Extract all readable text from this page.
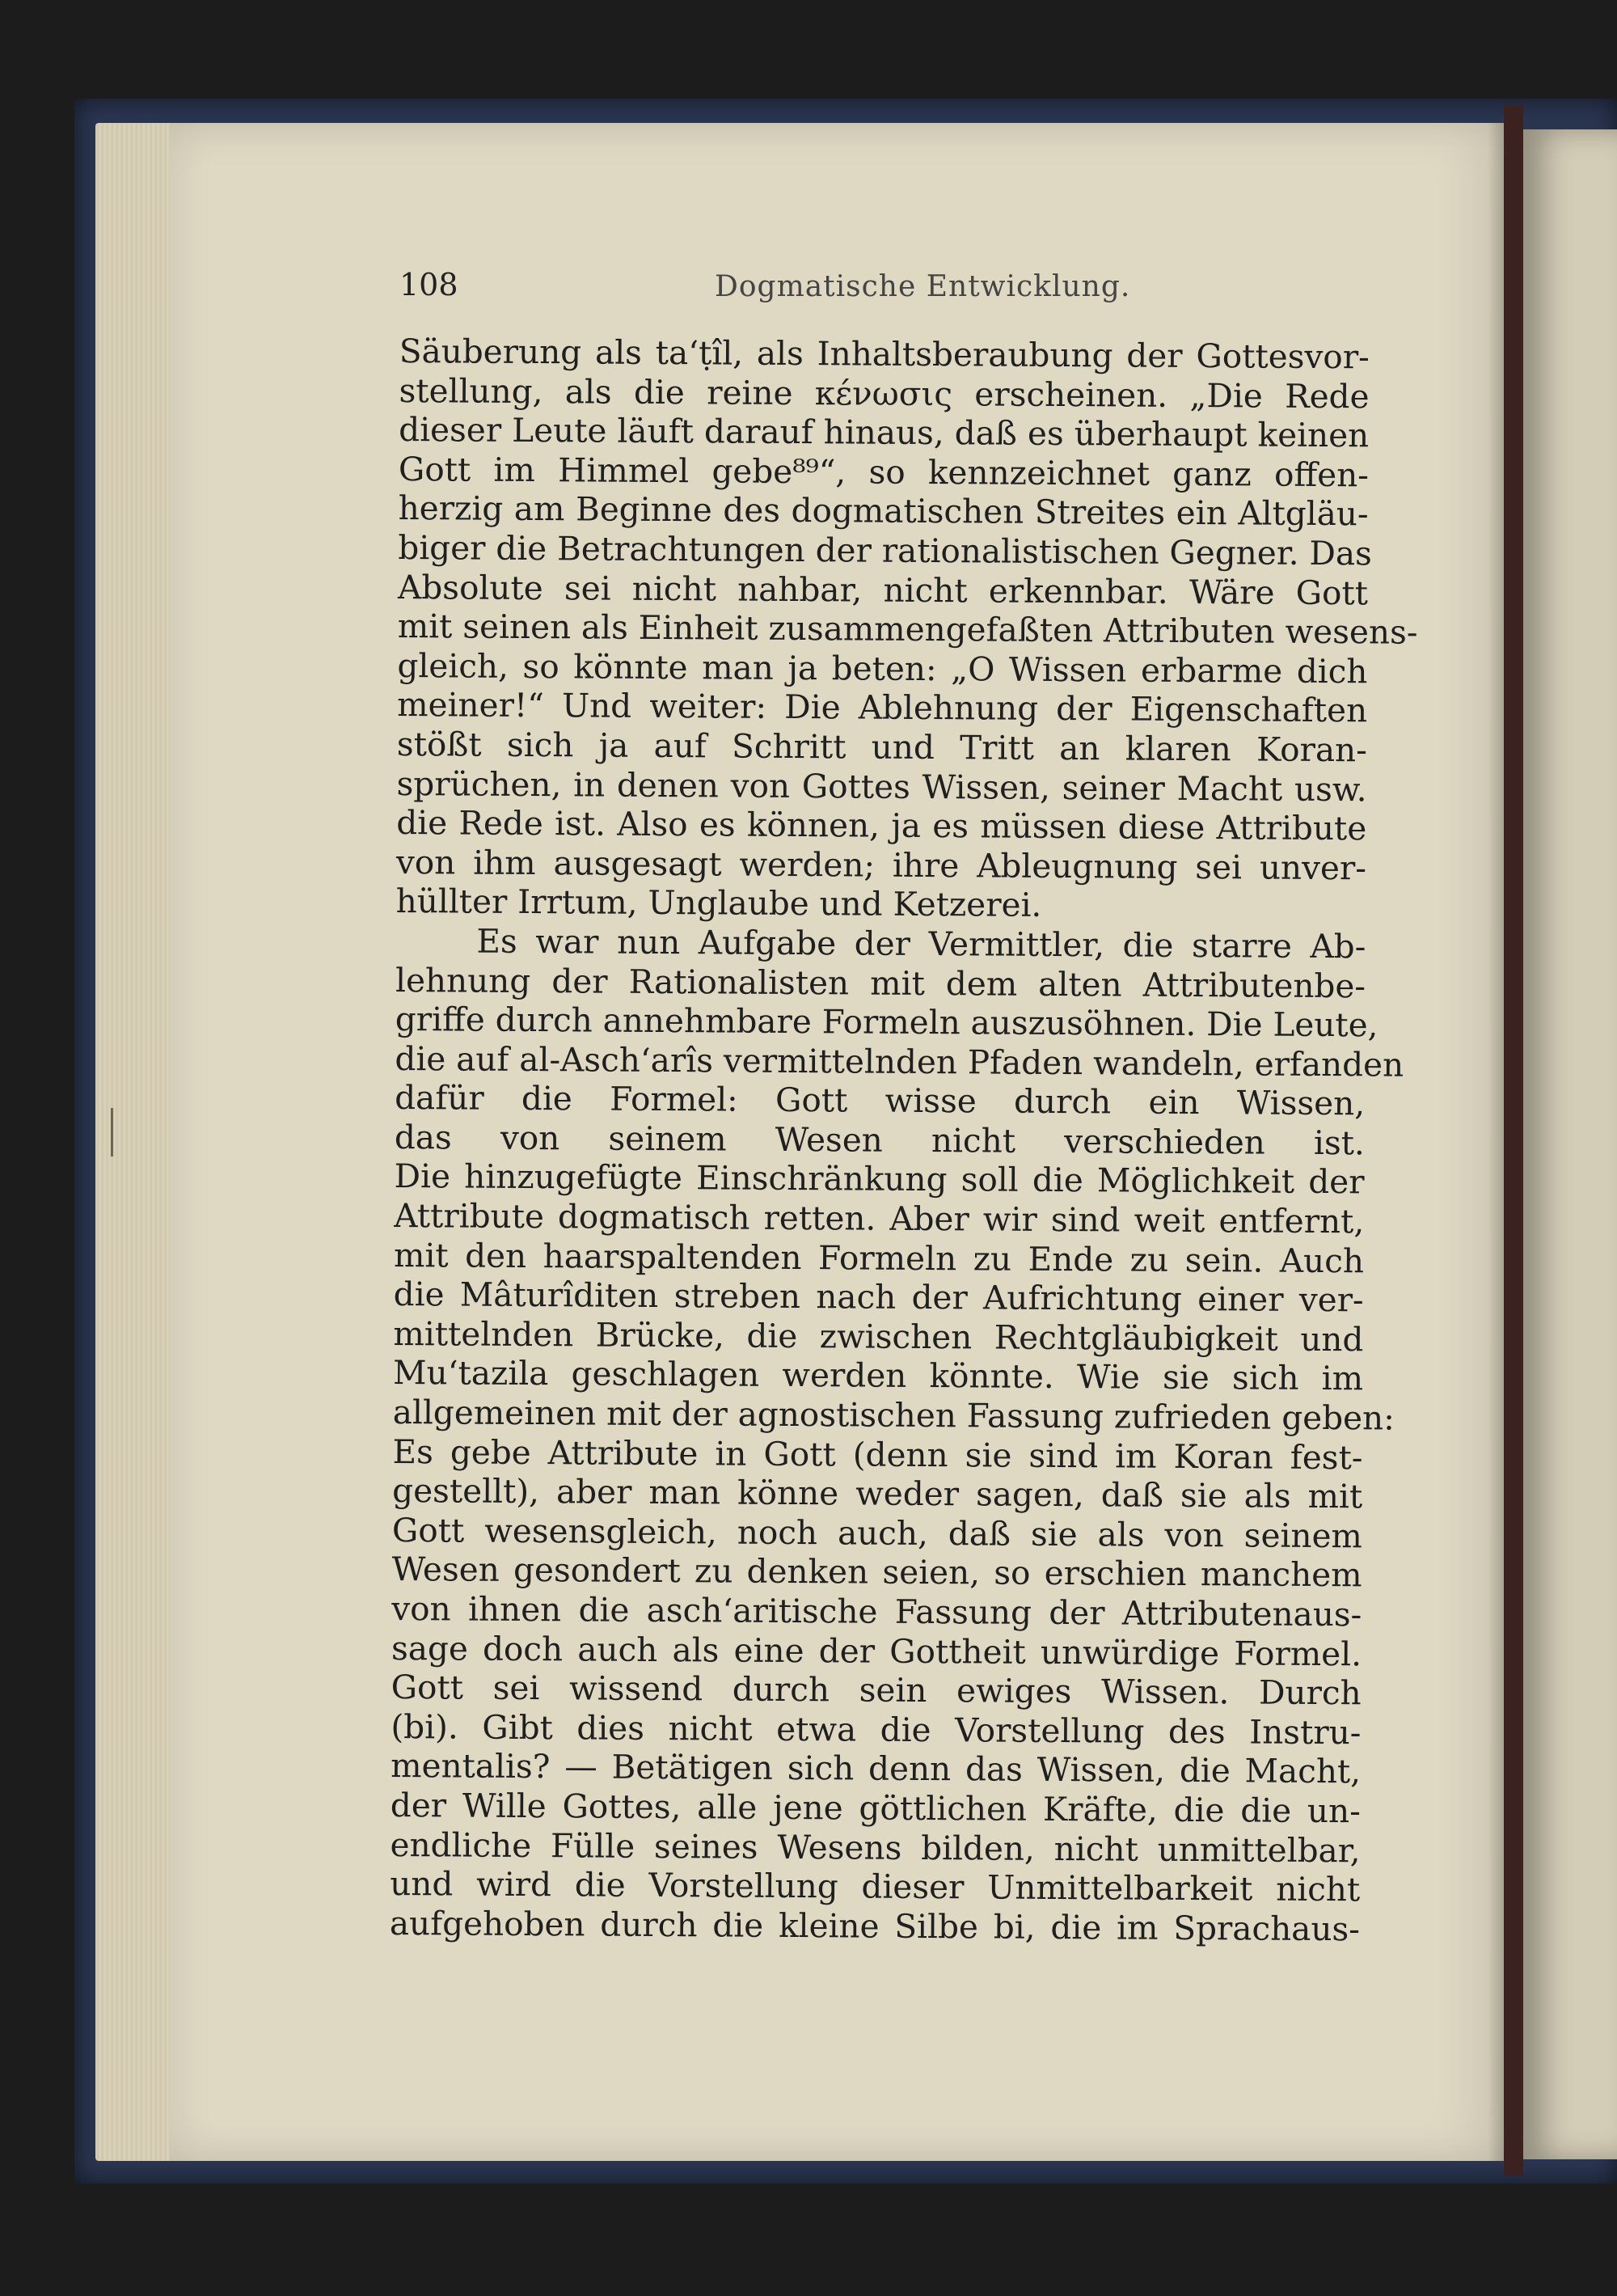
108	Dogmatische Entwicklung.
Säuberung als ta‘ṭîl, als Inhaltsberaubung der Gottesvor-
stellung, als die reine κένωσις erscheinen. „Die Rede
dieser Leute läuft darauf hinaus, daß es überhaupt keinen
Gott im Himmel gebe⁸⁹“, so kennzeichnet ganz offen-
herzig am Beginne des dogmatischen Streites ein Altgläu-
biger die Betrachtungen der rationalistischen Gegner. Das
Absolute sei nicht nahbar, nicht erkennbar. Wäre Gott
mit seinen als Einheit zusammengefaßten Attributen wesens-
gleich, so könnte man ja beten: „O Wissen erbarme dich
meiner!“ Und weiter: Die Ablehnung der Eigenschaften
stößt sich ja auf Schritt und Tritt an klaren Koran-
sprüchen, in denen von Gottes Wissen, seiner Macht usw.
die Rede ist. Also es können, ja es müssen diese Attribute
von ihm ausgesagt werden; ihre Ableugnung sei unver-
hüllter Irrtum, Unglaube und Ketzerei.
Es war nun Aufgabe der Vermittler, die starre Ab-
lehnung der Rationalisten mit dem alten Attributenbe-
griffe durch annehmbare Formeln auszusöhnen. Die Leute,
die auf al-Asch‘arîs vermittelnden Pfaden wandeln, erfanden
dafür die Formel: Gott wisse durch ein Wissen,
das von seinem Wesen nicht verschieden ist.
Die hinzugefügte Einschränkung soll die Möglichkeit der
Attribute dogmatisch retten. Aber wir sind weit entfernt,
mit den haarspaltenden Formeln zu Ende zu sein. Auch
die Mâturîditen streben nach der Aufrichtung einer ver-
mittelnden Brücke, die zwischen Rechtgläubigkeit und
Mu‘tazila geschlagen werden könnte. Wie sie sich im
allgemeinen mit der agnostischen Fassung zufrieden geben:
Es gebe Attribute in Gott (denn sie sind im Koran fest-
gestellt), aber man könne weder sagen, daß sie als mit
Gott wesensgleich, noch auch, daß sie als von seinem
Wesen gesondert zu denken seien, so erschien manchem
von ihnen die asch‘aritische Fassung der Attributenaus-
sage doch auch als eine der Gottheit unwürdige Formel.
Gott sei wissend durch sein ewiges Wissen. Durch
(bi). Gibt dies nicht etwa die Vorstellung des Instru-
mentalis? — Betätigen sich denn das Wissen, die Macht,
der Wille Gottes, alle jene göttlichen Kräfte, die die un-
endliche Fülle seines Wesens bilden, nicht unmittelbar,
und wird die Vorstellung dieser Unmittelbarkeit nicht
aufgehoben durch die kleine Silbe bi, die im Sprachaus-
